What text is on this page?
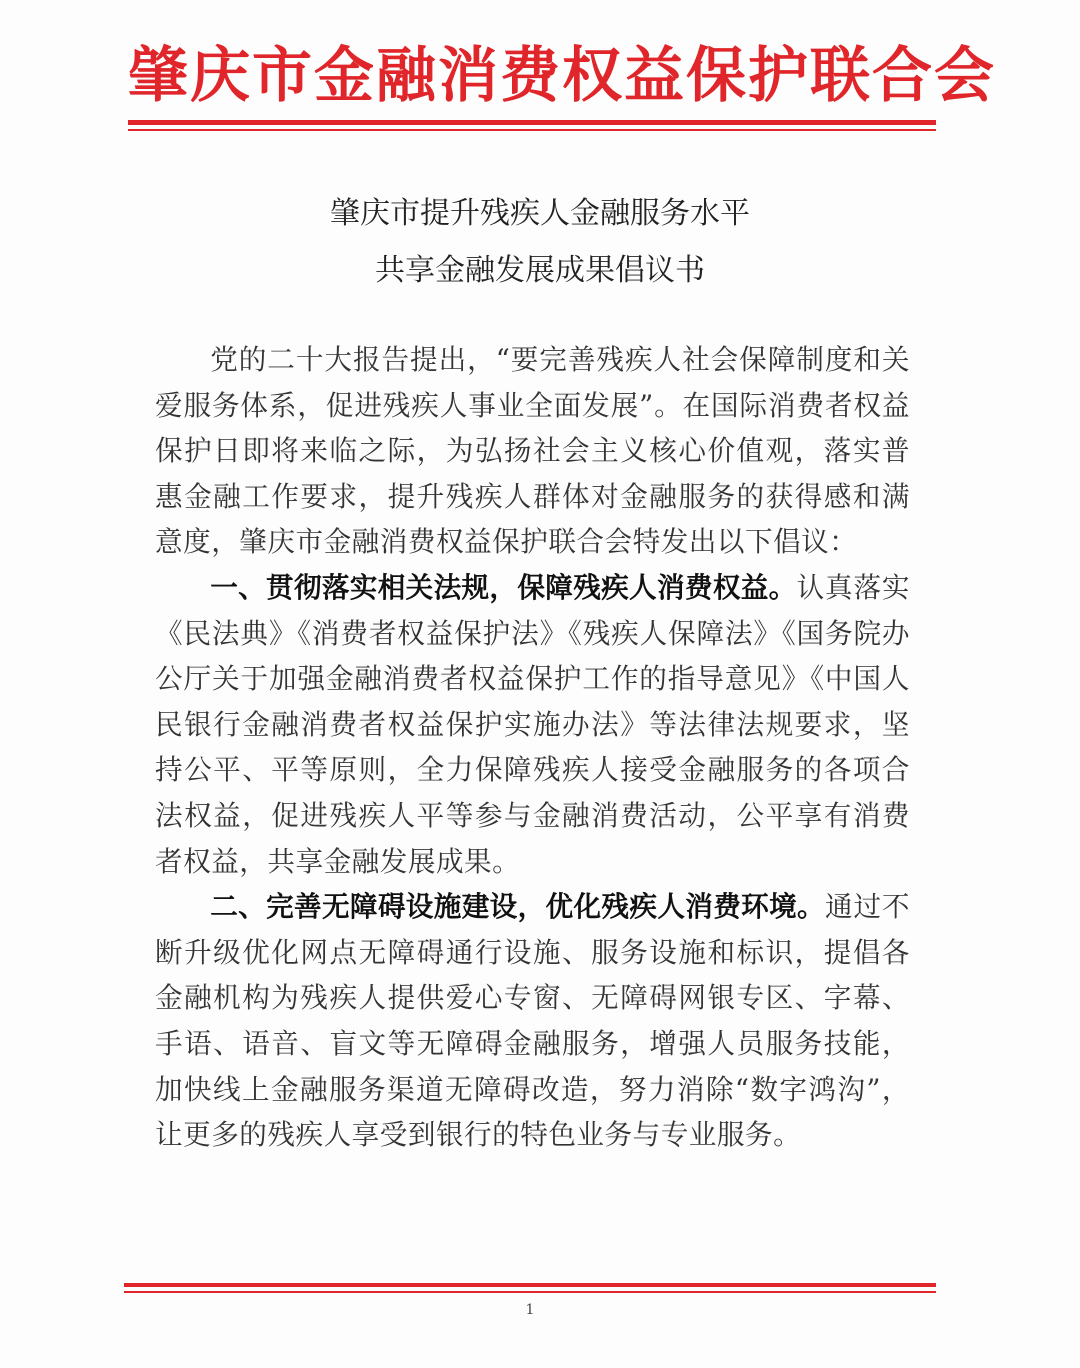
肇庆市金融消费权益保护联合会
肇庆市提升残疾人金融服务水平
共享金融发展成果倡议书

党的二十大报告提出，“要完善残疾人社会保障制度和关爱服务体系，促进残疾人事业全面发展”。在国际消费者权益保护日即将来临之际，为弘扬社会主义核心价值观，落实普惠金融工作要求，提升残疾人群体对金融服务的获得感和满意度，肇庆市金融消费权益保护联合会特发出以下倡议：

一、贯彻落实相关法规，保障残疾人消费权益。认真落实《民法典》《消费者权益保护法》《残疾人保障法》《国务院办公厅关于加强金融消费者权益保护工作的指导意见》《中国人民银行金融消费者权益保护实施办法》等法律法规要求，坚持公平、平等原则，全力保障残疾人接受金融服务的各项合法权益，促进残疾人平等参与金融消费活动，公平享有消费者权益，共享金融发展成果。

二、完善无障碍设施建设，优化残疾人消费环境。通过不断升级优化网点无障碍通行设施、服务设施和标识，提倡各金融机构为残疾人提供爱心专窗、无障碍网银专区、字幕、手语、语音、盲文等无障碍金融服务，增强人员服务技能，加快线上金融服务渠道无障碍改造，努力消除“数字鸿沟”，让更多的残疾人享受到银行的特色业务与专业服务。

1
